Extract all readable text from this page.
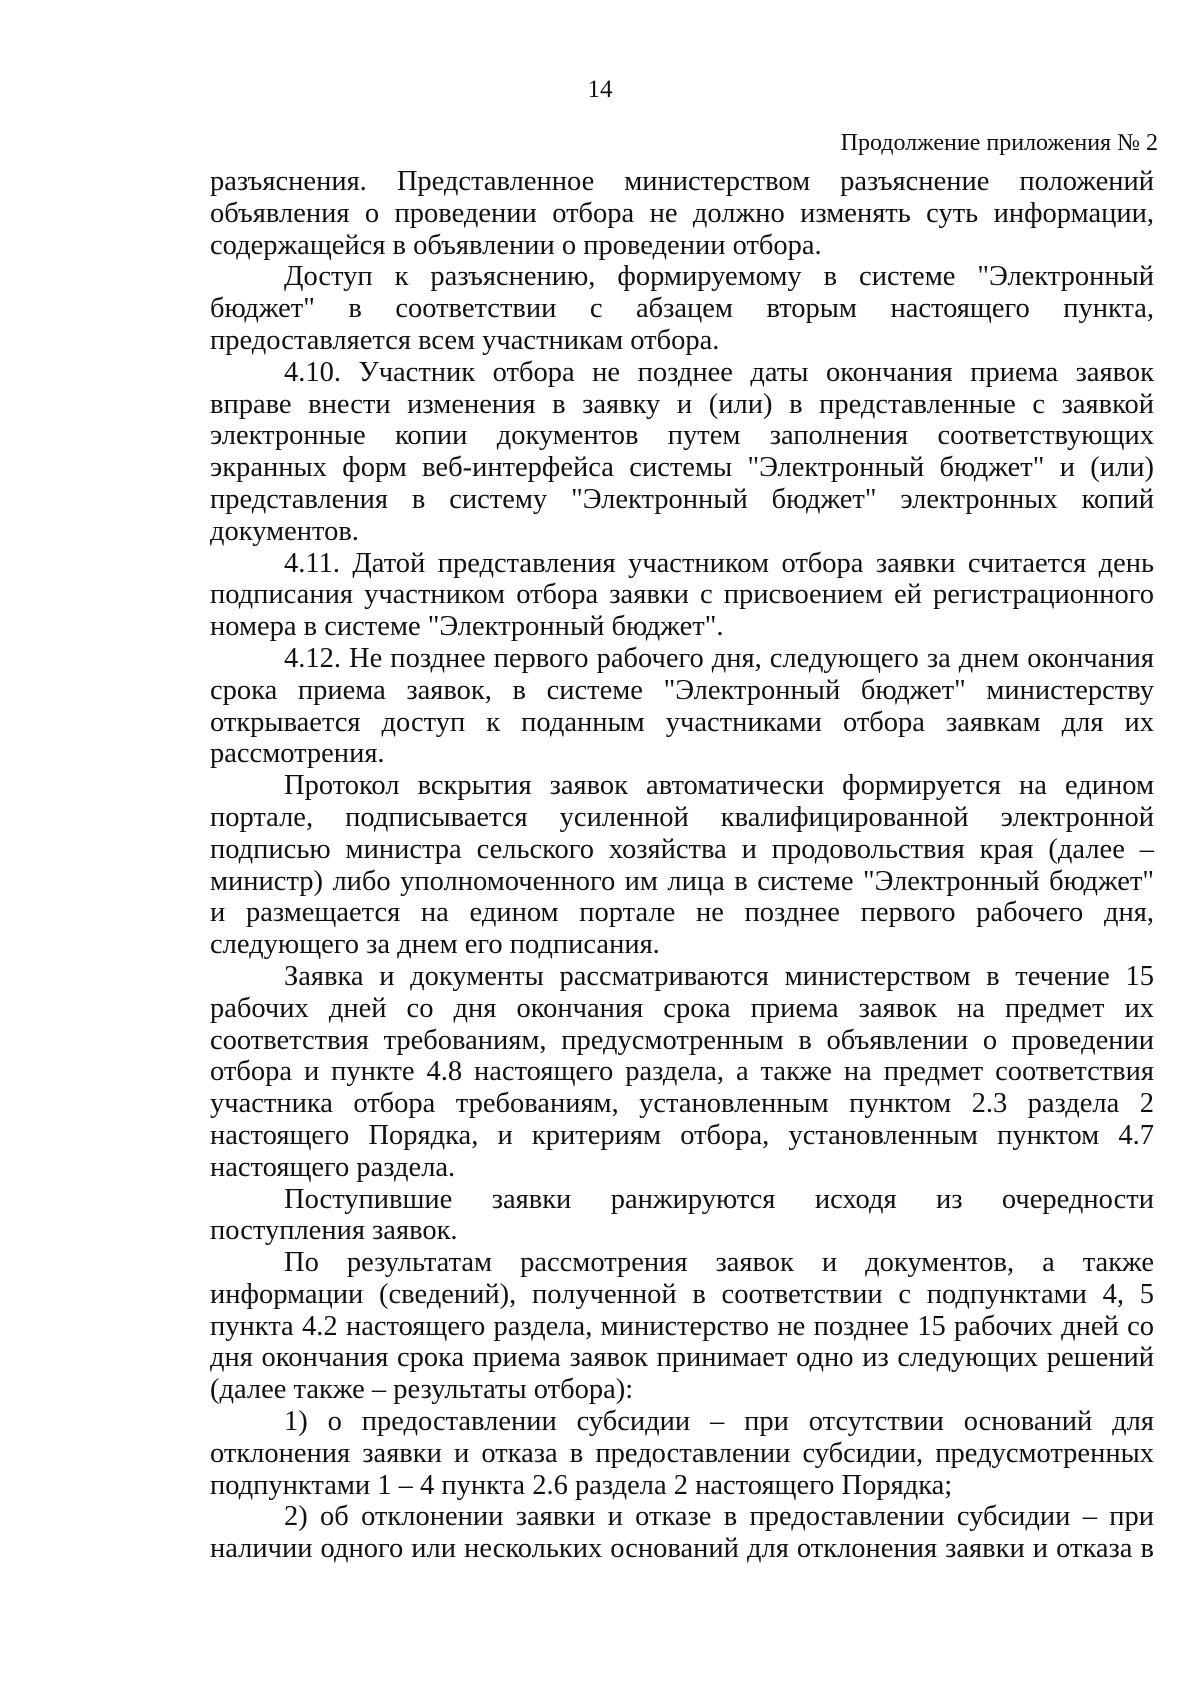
14
Продолжение приложения № 2

разъяснения. Представленное министерством разъяснение положений объявления о проведении отбора не должно изменять суть информации, содержащейся в объявлении о проведении отбора.

Доступ к разъяснению, формируемому в системе "Электронный бюджет" в соответствии с абзацем вторым настоящего пункта, предоставляется всем участникам отбора.

4.10. Участник отбора не позднее даты окончания приема заявок вправе внести изменения в заявку и (или) в представленные с заявкой электронные копии документов путем заполнения соответствующих экранных форм веб-интерфейса системы "Электронный бюджет" и (или) представления в систему "Электронный бюджет" электронных копий документов.

4.11. Датой представления участником отбора заявки считается день подписания участником отбора заявки с присвоением ей регистрационного номера в системе "Электронный бюджет".

4.12. Не позднее первого рабочего дня, следующего за днем окончания срока приема заявок, в системе "Электронный бюджет" министерству открывается доступ к поданным участниками отбора заявкам для их рассмотрения.

Протокол вскрытия заявок автоматически формируется на едином портале, подписывается усиленной квалифицированной электронной подписью министра сельского хозяйства и продовольствия края (далее – министр) либо уполномоченного им лица в системе "Электронный бюджет" и размещается на едином портале не позднее первого рабочего дня, следующего за днем его подписания.

Заявка и документы рассматриваются министерством в течение 15 рабочих дней со дня окончания срока приема заявок на предмет их соответствия требованиям, предусмотренным в объявлении о проведении отбора и пункте 4.8 настоящего раздела, а также на предмет соответствия участника отбора требованиям, установленным пунктом 2.3 раздела 2 настоящего Порядка, и критериям отбора, установленным пунктом 4.7 настоящего раздела.

Поступившие заявки ранжируются исходя из очередности поступления заявок.

По результатам рассмотрения заявок и документов, а также информации (сведений), полученной в соответствии с подпунктами 4, 5 пункта 4.2 настоящего раздела, министерство не позднее 15 рабочих дней со дня окончания срока приема заявок принимает одно из следующих решений (далее также – результаты отбора):

1) о предоставлении субсидии – при отсутствии оснований для отклонения заявки и отказа в предоставлении субсидии, предусмотренных подпунктами 1 – 4 пункта 2.6 раздела 2 настоящего Порядка;

2) об отклонении заявки и отказе в предоставлении субсидии – при наличии одного или нескольких оснований для отклонения заявки и отказа в
